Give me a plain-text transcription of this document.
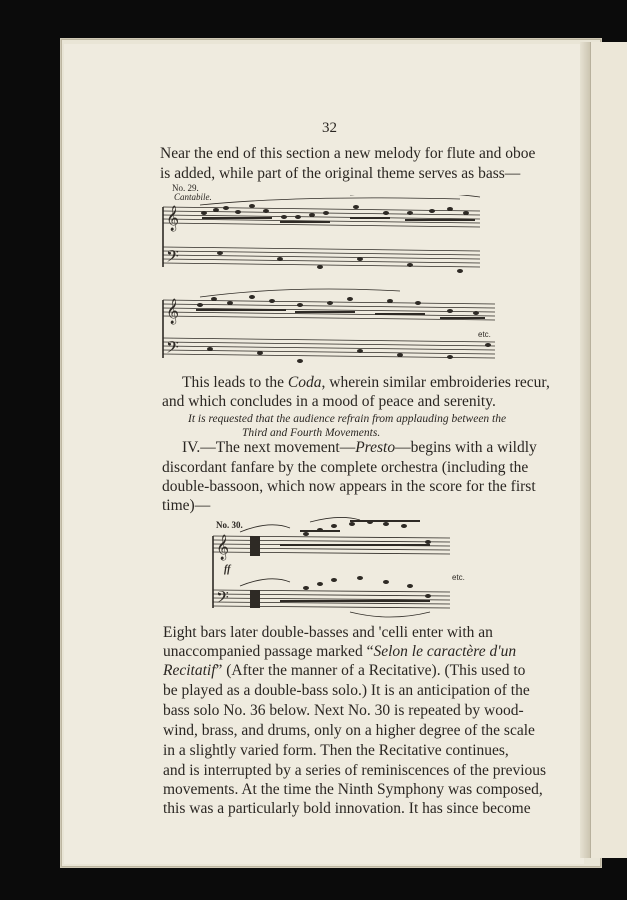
32
Near the end of this section a new melody for flute and oboe
is added, while part of the original theme serves as bass—
No. 29.
Cantabile.
𝄞
𝄢
𝄞
𝄢
etc.
This leads to the Coda, wherein similar embroideries recur,
and which concludes in a mood of peace and serenity.
It is requested that the audience refrain from applauding between the
Third and Fourth Movements.
IV.—The next movement—Presto—begins with a wildly
discordant fanfare by the complete orchestra (including the
double-bassoon, which now appears in the score for the first
time)—
No. 30.
𝄞
𝄢
ff
etc.
Eight bars later double-basses and 'celli enter with an
unaccompanied passage marked “Selon le caractère d'un
Recitatif” (After the manner of a Recitative). (This used to
be played as a double-bass solo.) It is an anticipation of the
bass solo No. 36 below. Next No. 30 is repeated by wood-
wind, brass, and drums, only on a higher degree of the scale
in a slightly varied form. Then the Recitative continues,
and is interrupted by a series of reminiscences of the previous
movements. At the time the Ninth Symphony was composed,
this was a particularly bold innovation. It has since become
